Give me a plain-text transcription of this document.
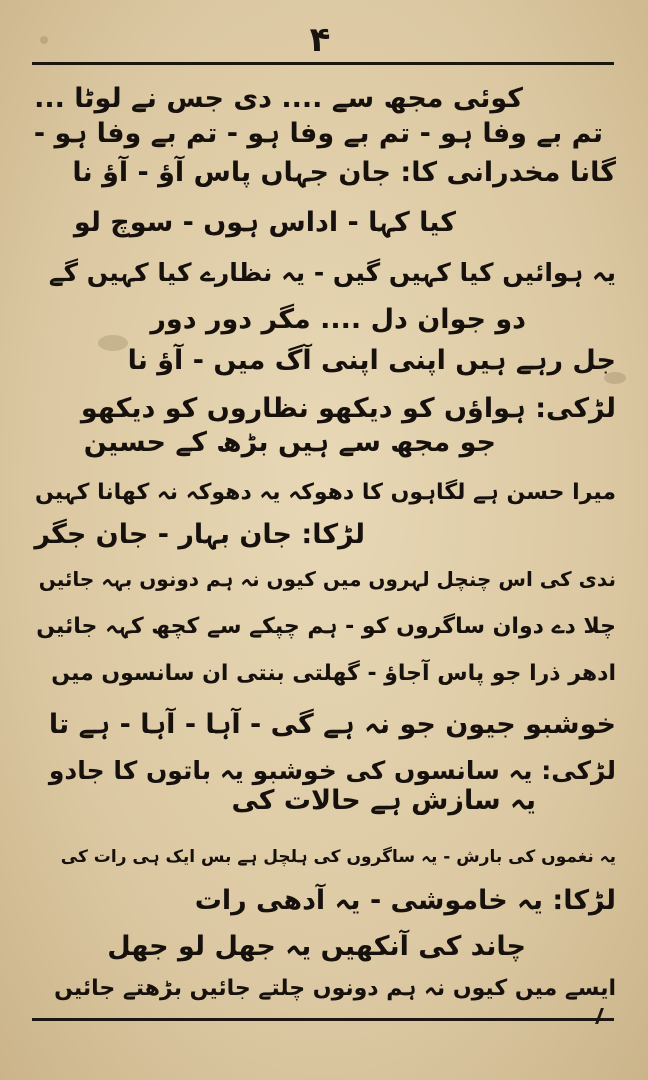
۴
کوئی مجھ سے .... دی جس نے لوٹا ...
تم بے وفا ہو - تم بے وفا ہو - تم بے وفا ہو -
گانا مخدرانی کا: جان جہاں پاس آؤ - آؤ نا
کیا کہا - اداس ہوں - سوچ لو
یہ ہوائیں کیا کہیں گیں - یہ نظارے کیا کہیں گے
دو جوان دل .... مگر دور دور
جل رہے ہیں اپنی اپنی آگ میں - آؤ نا
لڑکی: ہواؤں کو دیکھو نظاروں کو دیکھو
جو مجھ سے ہیں بڑھ کے حسین
میرا حسن ہے لگاہوں کا دھوکہ یہ دھوکہ نہ کھانا کہیں
لڑکا: جان بہار - جان جگر
ندی کی اس چنچل لہروں میں کیوں نہ ہم دونوں بہہ جائیں
چلا دے دوان ساگروں کو - ہم چپکے سے کچھ کہہ جائیں
ادھر ذرا جو پاس آجاؤ - گھلتی بنتی ان سانسوں میں
خوشبو جیون جو نہ ہے گی - آہا - آہا - ہے تا
لڑکی: یہ سانسوں کی خوشبو یہ باتوں کا جادو
یہ سازش ہے حالات کی
یہ نغموں کی بارش - یہ ساگروں کی ہلچل ہے بس ایک ہی رات کی
لڑکا: یہ خاموشی - یہ آدھی رات
چاند کی آنکھیں یہ جھل لو جھل
ایسے میں کیوں نہ ہم دونوں چلتے جائیں بڑھتے جائیں
